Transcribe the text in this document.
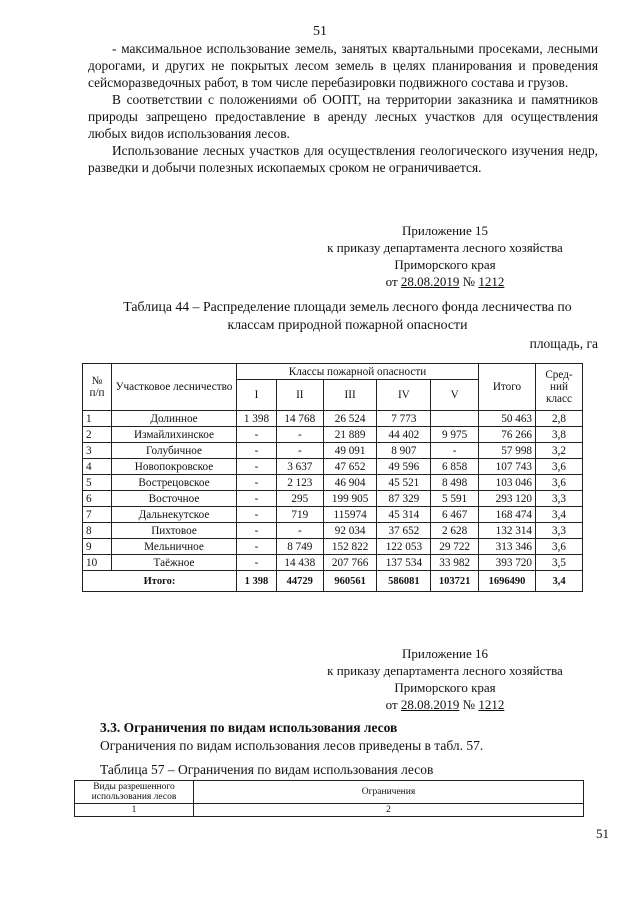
51

- максимальное использование земель, занятых квартальными просеками, лесными дорогами, и других не покрытых лесом земель в целях планирования и проведения сейсморазведочных работ, в том числе перебазировки подвижного состава и грузов.

В соответствии с положениями об ООПТ, на территории заказника и памятников природы запрещено предоставление в аренду лесных участков для осуществления любых видов использования лесов.

Использование лесных участков для осуществления геологического изучения недр, разведки и добычи полезных ископаемых сроком не ограничивается.

Приложение 15
к приказу департамента лесного хозяйства
Приморского края
от 28.08.2019 № 1212
Таблица 44 – Распределение площади земель лесного фонда лесничества по
классам природной пожарной опасности
площадь, га
№ п/п	Участковое лесничество	Классы пожарной опасности					Итого	Сред-ний класс
		I	II	III	IV	V		
1	Долинное	1 398	14 768	26 524	7 773		50 463	2,8
2	Измайлихинское	-	-	21 889	44 402	9 975	76 266	3,8
3	Голубичное	-	-	49 091	8 907	-	57 998	3,2
4	Новопокровское	-	3 637	47 652	49 596	6 858	107 743	3,6
5	Вострецовское	-	2 123	46 904	45 521	8 498	103 046	3,6
6	Восточное	-	295	199 905	87 329	5 591	293 120	3,3
7	Дальнекутское	-	719	115974	45 314	6 467	168 474	3,4
8	Пихтовое	-	-	92 034	37 652	2 628	132 314	3,3
9	Мельничное	-	8 749	152 822	122 053	29 722	313 346	3,6
10	Таёжное	-	14 438	207 766	137 534	33 982	393 720	3,5
Итого:		1 398	44729	960561	586081	103721	1696490	3,4
Приложение 16
к приказу департамента лесного хозяйства
Приморского края
от 28.08.2019 № 1212
3.3. Ограничения по видам использования лесов
Ограничения по видам использования лесов приведены в табл. 57.
Таблица 57 – Ограничения по видам использования лесов
Виды разрешенного использования лесов	Ограничения
1	2
51
